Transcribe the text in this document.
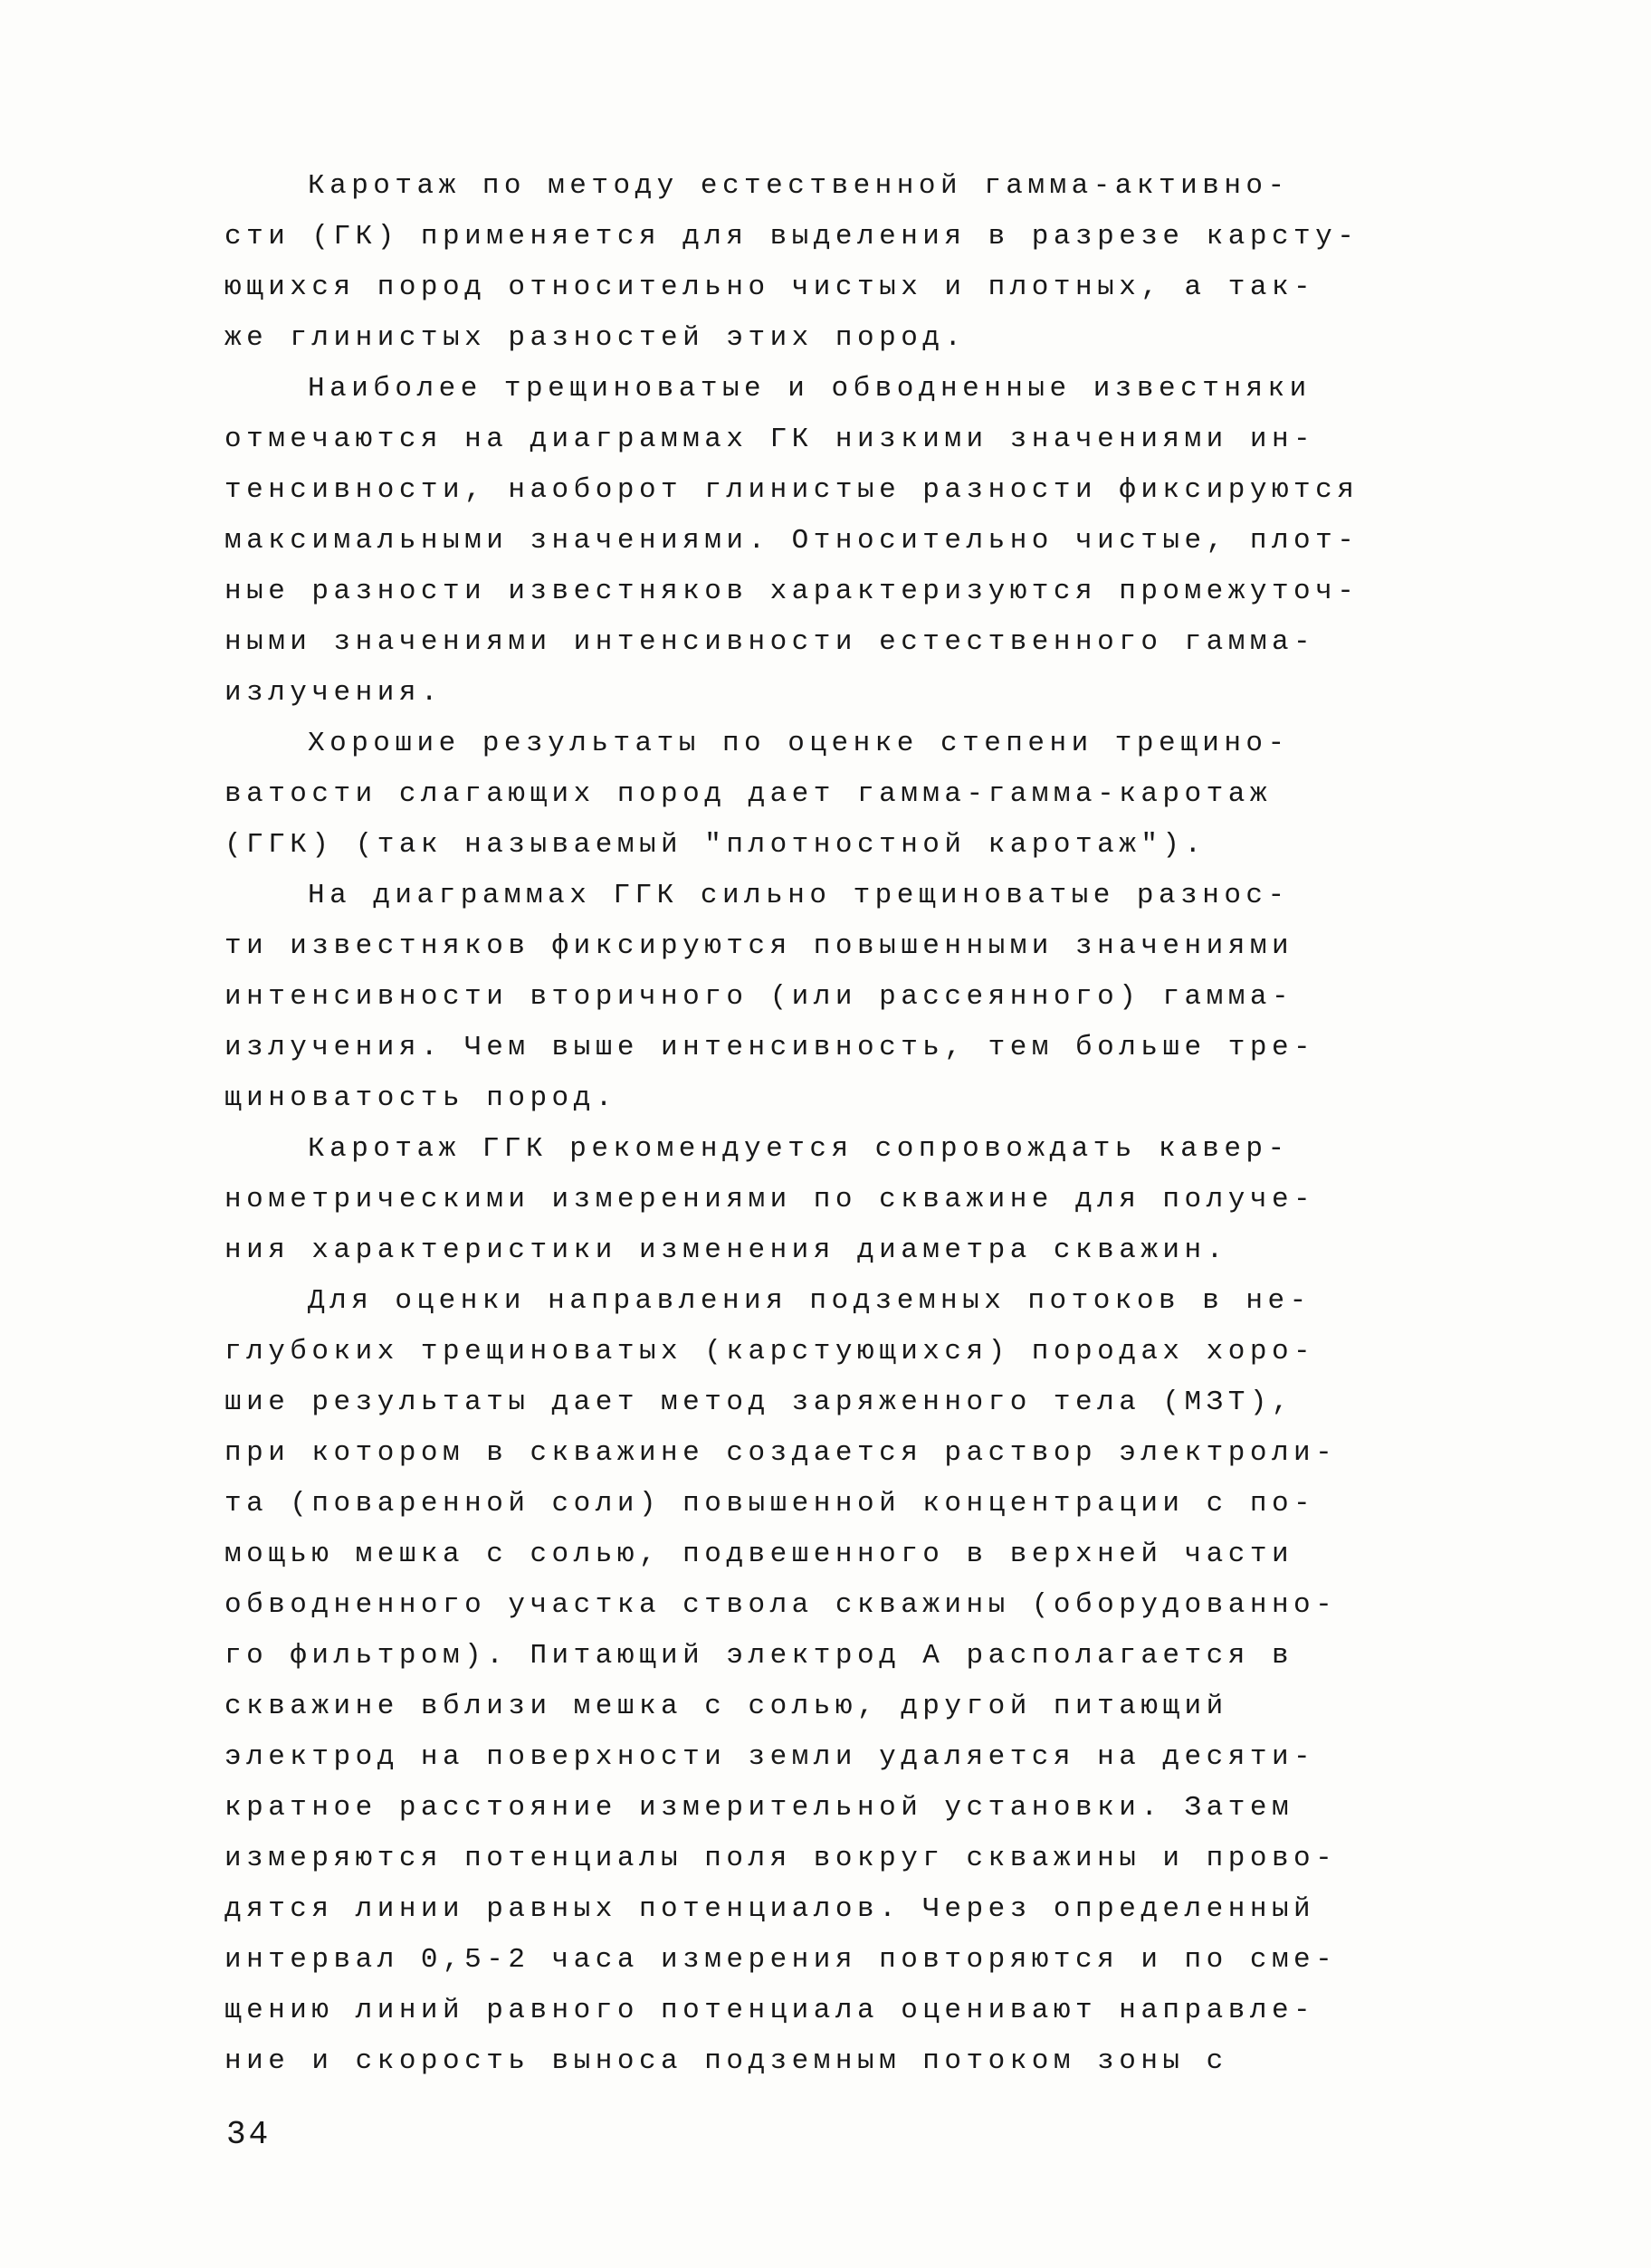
Каротаж по методу естественной гамма-активно-
сти (ГК) применяется для выделения в разрезе карсту-
ющихся пород относительно чистых и плотных, а так-
же глинистых разностей этих пород.
Наиболее трещиноватые и обводненные известняки
отмечаются на диаграммах ГК низкими значениями ин-
тенсивности, наоборот глинистые разности фиксируются
максимальными значениями. Относительно чистые, плот-
ные разности известняков характеризуются промежуточ-
ными значениями интенсивности естественного гамма-
излучения.
Хорошие результаты по оценке степени трещино-
ватости слагающих пород дает гамма-гамма-каротаж
(ГГК) (так называемый "плотностной каротаж").
На диаграммах ГГК сильно трещиноватые разнос-
ти известняков фиксируются повышенными значениями
интенсивности вторичного (или рассеянного) гамма-
излучения. Чем выше интенсивность, тем больше тре-
щиноватость пород.
Каротаж ГГК рекомендуется сопровождать кавер-
нометрическими измерениями по скважине для получе-
ния характеристики изменения диаметра скважин.
Для оценки направления подземных потоков в не-
глубоких трещиноватых (карстующихся) породах хоро-
шие результаты дает метод заряженного тела (МЗТ),
при котором в скважине создается раствор электроли-
та (поваренной соли) повышенной концентрации с по-
мощью мешка с солью, подвешенного в верхней части
обводненного участка ствола скважины (оборудованно-
го фильтром). Питающий электрод А располагается в
скважине вблизи мешка с солью, другой питающий
электрод на поверхности земли удаляется на десяти-
кратное расстояние измерительной установки. Затем
измеряются потенциалы поля вокруг скважины и прово-
дятся линии равных потенциалов. Через определенный
интервал 0,5-2 часа измерения повторяются и по сме-
щению линий равного потенциала оценивают направле-
ние и скорость выноса подземным потоком зоны с
34
